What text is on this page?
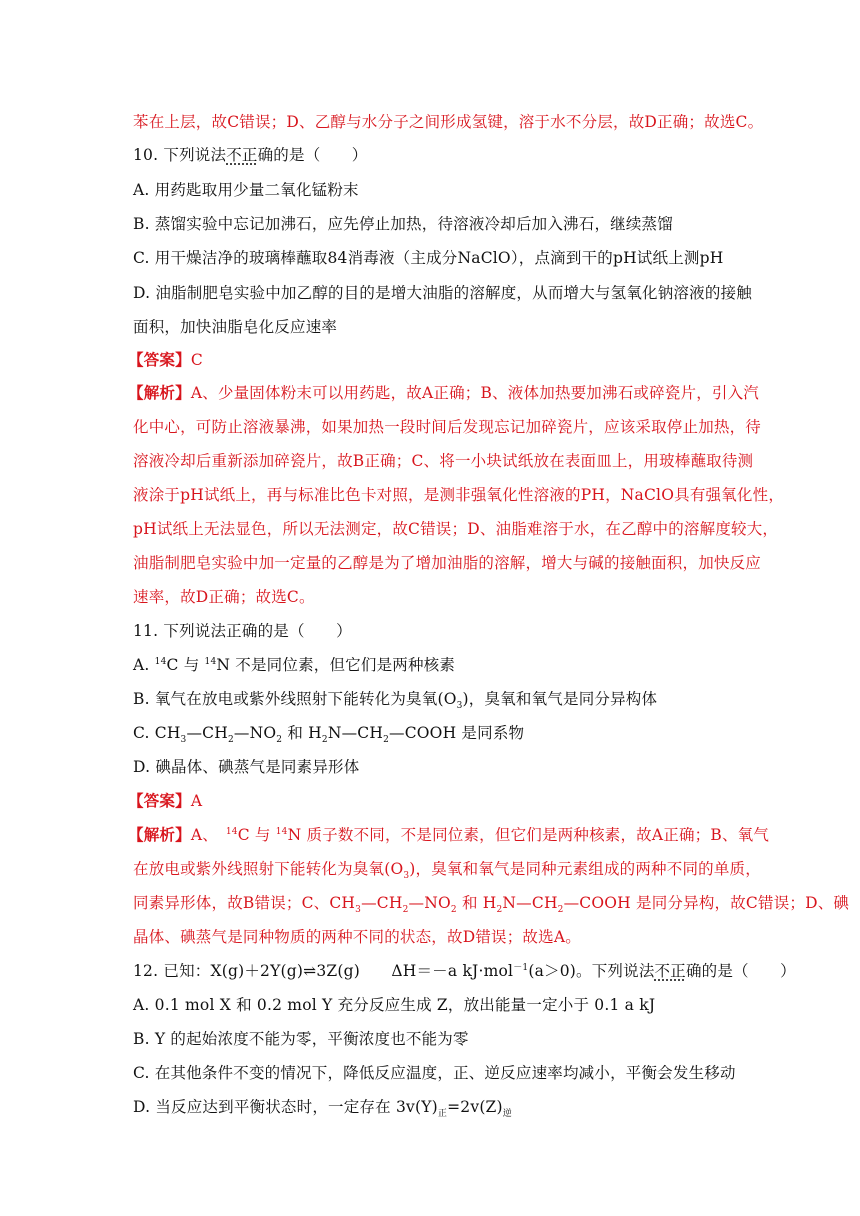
苯在上层，故C错误；D、乙醇与水分子之间形成氢键，溶于水不分层，故D正确；故选C。
10. 下列说法不正确的是（　　）
A. 用药匙取用少量二氧化锰粉末
B. 蒸馏实验中忘记加沸石，应先停止加热，待溶液冷却后加入沸石，继续蒸馏
C. 用干燥洁净的玻璃棒蘸取84消毒液（主成分NaClO），点滴到干的pH试纸上测pH
D. 油脂制肥皂实验中加乙醇的目的是增大油脂的溶解度，从而增大与氢氧化钠溶液的接触
面积，加快油脂皂化反应速率
【答案】C
【解析】A、少量固体粉末可以用药匙，故A正确；B、液体加热要加沸石或碎瓷片，引入汽
化中心，可防止溶液暴沸，如果加热一段时间后发现忘记加碎瓷片，应该采取停止加热，待
溶液冷却后重新添加碎瓷片，故B正确；C、将一小块试纸放在表面皿上，用玻棒蘸取待测
液涂于pH试纸上，再与标准比色卡对照，是测非强氧化性溶液的PH，NaClO具有强氧化性，
pH试纸上无法显色，所以无法测定，故C错误；D、油脂难溶于水，在乙醇中的溶解度较大，
油脂制肥皂实验中加一定量的乙醇是为了增加油脂的溶解，增大与碱的接触面积，加快反应
速率，故D正确；故选C。
11. 下列说法正确的是（　　）
A. $^{14}$C 与 $^{14}$N 不是同位素，但它们是两种核素
B. 氧气在放电或紫外线照射下能转化为臭氧$(O_3)$，臭氧和氧气是同分异构体
C. $CH_3—CH_2—NO_2$ 和 $H_2N—CH_2—COOH$ 是同系物
D. 碘晶体、碘蒸气是同素异形体
【答案】A
【解析】A、　$^{14}$C 与 $^{14}$N 质子数不同，不是同位素，但它们是两种核素，故A正确；B、氧气
在放电或紫外线照射下能转化为臭氧$(O_3)$，臭氧和氧气是同种元素组成的两种不同的单质，
同素异形体，故B错误；C、$CH_3—CH_2—NO_2$ 和 $H_2N—CH_2—COOH$ 是同分异构，故C错误；D、碘
晶体、碘蒸气是同种物质的两种不同的状态，故D错误；故选A。
12. 已知：X(g)＋2Y(g)⇌3Z(g)　　ΔH＝－a kJ·mol$^{-1}$(a＞0)。下列说法不正确的是（　　）
A. 0.1 mol X 和 0.2 mol Y 充分反应生成 Z，放出能量一定小于 0.1 a kJ
B. Y 的起始浓度不能为零，平衡浓度也不能为零
C. 在其他条件不变的情况下，降低反应温度，正、逆反应速率均减小，平衡会发生移动
D. 当反应达到平衡状态时，一定存在 $3v(Y)_正=2v(Z)_逆$
